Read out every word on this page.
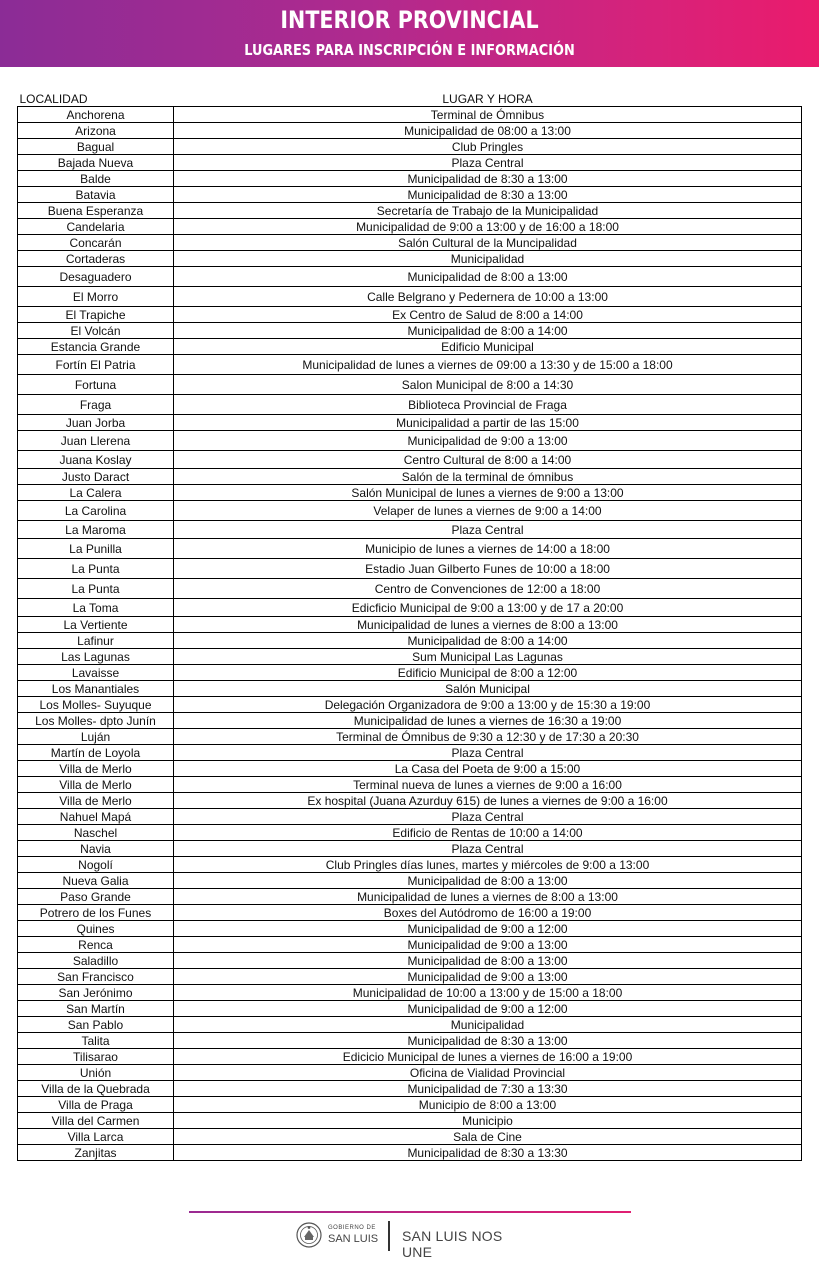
INTERIOR PROVINCIAL
LUGARES PARA INSCRIPCIÓN E INFORMACIÓN
LOCALIDAD	LUGAR Y HORA
Anchorena	Terminal de Ómnibus
Arizona	Municipalidad de 08:00 a 13:00
Bagual	Club Pringles
Bajada Nueva	Plaza Central
Balde	Municipalidad de 8:30 a 13:00
Batavia	Municipalidad de 8:30 a 13:00
Buena Esperanza	Secretaría de Trabajo de la Municipalidad
Candelaria	Municipalidad de 9:00 a 13:00 y de 16:00 a 18:00
Concarán	Salón Cultural de la Muncipalidad
Cortaderas	Municipalidad
Desaguadero	Municipalidad de 8:00 a 13:00
El Morro	Calle Belgrano y Pedernera de 10:00 a 13:00
El Trapiche	Ex Centro de Salud de 8:00 a 14:00
El Volcán	Municipalidad de 8:00 a 14:00
Estancia Grande	Edificio Municipal
Fortín El Patria	Municipalidad de lunes a viernes de 09:00 a 13:30 y de 15:00 a 18:00
Fortuna	Salon Municipal de 8:00 a 14:30
Fraga	Biblioteca Provincial de Fraga
Juan Jorba	Municipalidad a partir de las 15:00
Juan Llerena	Municipalidad de 9:00 a 13:00
Juana Koslay	Centro Cultural de 8:00 a 14:00
Justo Daract	Salón de la terminal de ómnibus
La Calera	Salón Municipal de lunes a viernes de 9:00 a 13:00
La Carolina	Velaper de lunes a viernes de 9:00 a 14:00
La Maroma	Plaza Central
La Punilla	Municipio de lunes a viernes de 14:00 a 18:00
La Punta	Estadio Juan Gilberto Funes de 10:00 a 18:00
La Punta	Centro de Convenciones de 12:00 a 18:00
La Toma	Edicficio Municipal de 9:00 a 13:00 y de 17 a 20:00
La Vertiente	Municipalidad de lunes a viernes de 8:00 a 13:00
Lafinur	Municipalidad de 8:00 a 14:00
Las Lagunas	Sum Municipal Las Lagunas
Lavaisse	Edificio Municipal de 8:00 a 12:00
Los Manantiales	Salón Municipal
Los Molles- Suyuque	Delegación Organizadora de 9:00 a 13:00 y de 15:30 a 19:00
Los Molles- dpto Junín	Municipalidad de lunes a viernes de 16:30 a 19:00
Luján	Terminal de Ómnibus de 9:30 a 12:30 y de 17:30 a 20:30
Martín de Loyola	Plaza Central
Villa de Merlo	La Casa del Poeta de 9:00 a 15:00
Villa de Merlo	Terminal nueva de lunes a viernes de 9:00 a 16:00
Villa de Merlo	Ex hospital (Juana Azurduy 615) de lunes a viernes de 9:00 a 16:00
Nahuel Mapá	Plaza Central
Naschel	Edificio de Rentas de 10:00 a 14:00
Navia	Plaza Central
Nogolí	Club Pringles días lunes, martes y miércoles de 9:00 a 13:00
Nueva Galia	Municipalidad de 8:00 a 13:00
Paso Grande	Municipalidad de lunes a viernes de 8:00 a 13:00
Potrero de los Funes	Boxes del Autódromo de 16:00 a 19:00
Quines	Municipalidad de 9:00 a 12:00
Renca	Municipalidad de 9:00 a 13:00
Saladillo	Municipalidad de 8:00 a 13:00
San Francisco	Municipalidad de 9:00 a 13:00
San Jerónimo	Municipalidad de 10:00 a 13:00 y de 15:00 a 18:00
San Martín	Municipalidad de 9:00 a 12:00
San Pablo	Municipalidad
Talita	Municipalidad de 8:30 a 13:00
Tilisarao	Edicicio Municipal de lunes a viernes de 16:00 a 19:00
Unión	Oficina de Vialidad Provincial
Villa de la Quebrada	Municipalidad de 7:30 a 13:30
Villa de Praga	Municipio de 8:00 a 13:00
Villa del Carmen	Municipio
Villa Larca	Sala de Cine
Zanjitas	Municipalidad de 8:30 a 13:30
GOBIERNO DE
SAN LUIS SAN LUIS NOS UNE
